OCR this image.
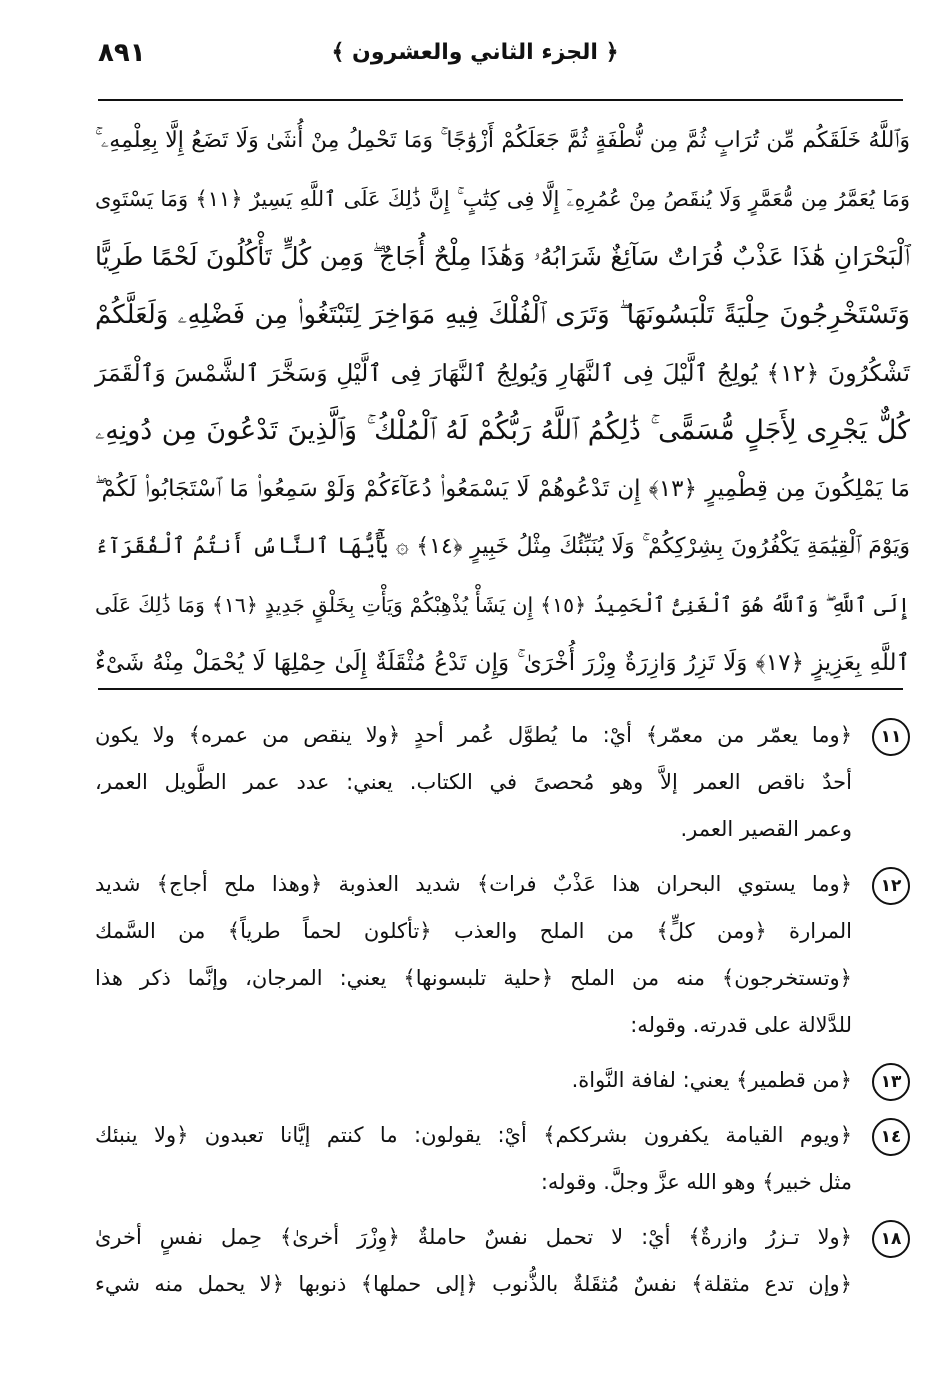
٨٩١	﴿ الجزء الثاني والعشرون ﴾
وَٱللَّهُ خَلَقَكُم مِّن تُرَابٍ ثُمَّ مِن نُّطْفَةٍ ثُمَّ جَعَلَكُمْ أَزْوَٰجًا ۚ وَمَا تَحْمِلُ مِنْ أُنثَىٰ وَلَا تَضَعُ إِلَّا بِعِلْمِهِۦ ۚ
وَمَا يُعَمَّرُ مِن مُّعَمَّرٍ وَلَا يُنقَصُ مِنْ عُمُرِهِۦٓ إِلَّا فِى كِتَٰبٍ ۚ إِنَّ ذَٰلِكَ عَلَى ٱللَّهِ يَسِيرٌ ﴿١١﴾ وَمَا يَسْتَوِى
ٱلْبَحْرَانِ هَٰذَا عَذْبٌ فُرَاتٌ سَآئِغٌ شَرَابُهُۥ وَهَٰذَا مِلْحٌ أُجَاجٌ ۖ وَمِن كُلٍّ تَأْكُلُونَ لَحْمًا طَرِيًّا
وَتَسْتَخْرِجُونَ حِلْيَةً تَلْبَسُونَهَا ۖ وَتَرَى ٱلْفُلْكَ فِيهِ مَوَاخِرَ لِتَبْتَغُوا۟ مِن فَضْلِهِۦ وَلَعَلَّكُمْ
تَشْكُرُونَ ﴿١٢﴾ يُولِجُ ٱلَّيْلَ فِى ٱلنَّهَارِ وَيُولِجُ ٱلنَّهَارَ فِى ٱلَّيْلِ وَسَخَّرَ ٱلشَّمْسَ وَٱلْقَمَرَ
كُلٌّ يَجْرِى لِأَجَلٍ مُّسَمًّى ۚ ذَٰلِكُمُ ٱللَّهُ رَبُّكُمْ لَهُ ٱلْمُلْكُ ۚ وَٱلَّذِينَ تَدْعُونَ مِن دُونِهِۦ
مَا يَمْلِكُونَ مِن قِطْمِيرٍ ﴿١٣﴾ إِن تَدْعُوهُمْ لَا يَسْمَعُوا۟ دُعَآءَكُمْ وَلَوْ سَمِعُوا۟ مَا ٱسْتَجَابُوا۟ لَكُمْ ۖ
وَيَوْمَ ٱلْقِيَٰمَةِ يَكْفُرُونَ بِشِرْكِكُمْ ۚ وَلَا يُنَبِّئُكَ مِثْلُ خَبِيرٍ ﴿١٤﴾ ۞ يَٰٓأَيُّهَا ٱلنَّاسُ أَنتُمُ ٱلْفُقَرَآءُ
إِلَى ٱللَّهِ ۖ وَٱللَّهُ هُوَ ٱلْغَنِىُّ ٱلْحَمِيدُ ﴿١٥﴾ إِن يَشَأْ يُذْهِبْكُمْ وَيَأْتِ بِخَلْقٍ جَدِيدٍ ﴿١٦﴾ وَمَا ذَٰلِكَ عَلَى
ٱللَّهِ بِعَزِيزٍ ﴿١٧﴾ وَلَا تَزِرُ وَازِرَةٌ وِزْرَ أُخْرَىٰ ۚ وَإِن تَدْعُ مُثْقَلَةٌ إِلَىٰ حِمْلِهَا لَا يُحْمَلْ مِنْهُ شَىْءٌ
١١
﴿وما يعمّر من معمّر﴾ أيْ: ما يُطوَّل عُمر أحدٍ ﴿ولا ينقص من عمره﴾ ولا يكون
أحدٌ ناقص العمر إلاَّ وهو مُحصىً في الكتاب. يعني: عدد عمر الطَّويل العمر،
وعمر القصير العمر.
١٢
﴿وما يستوي البحران هذا عَذْبٌ فرات﴾ شديد العذوبة ﴿وهذا ملح أجاج﴾ شديد
المرارة ﴿ومن كلٍّ﴾ من الملح والعذب ﴿تأكلون لحماً طرياً﴾ من السَّمك
﴿وتستخرجون﴾ منه من الملح ﴿حلية تلبسونها﴾ يعني: المرجان، وإنَّما ذكر هذا
للدَّلالة على قدرته. وقوله:
١٣
﴿من قطمير﴾ يعني: لفافة النَّواة.
١٤
﴿ويوم القيامة يكفرون بشرككم﴾ أيْ: يقولون: ما كنتم إيَّانا تعبدون ﴿ولا ينبئك
مثل خبير﴾ وهو الله عزَّ وجلَّ. وقوله:
١٨
﴿ولا تـزرُ وازرةٌ﴾ أيْ: لا تحمل نفسٌ حاملةٌ ﴿وِزْرَ أخرىٰ﴾ حِمل نفسٍ أخرىٰ
﴿وإن تدع مثقلة﴾ نفسٌ مُثقَلةٌ بالذُّنوب ﴿إلى حملها﴾ ذنوبها ﴿لا يحمل منه شيء
